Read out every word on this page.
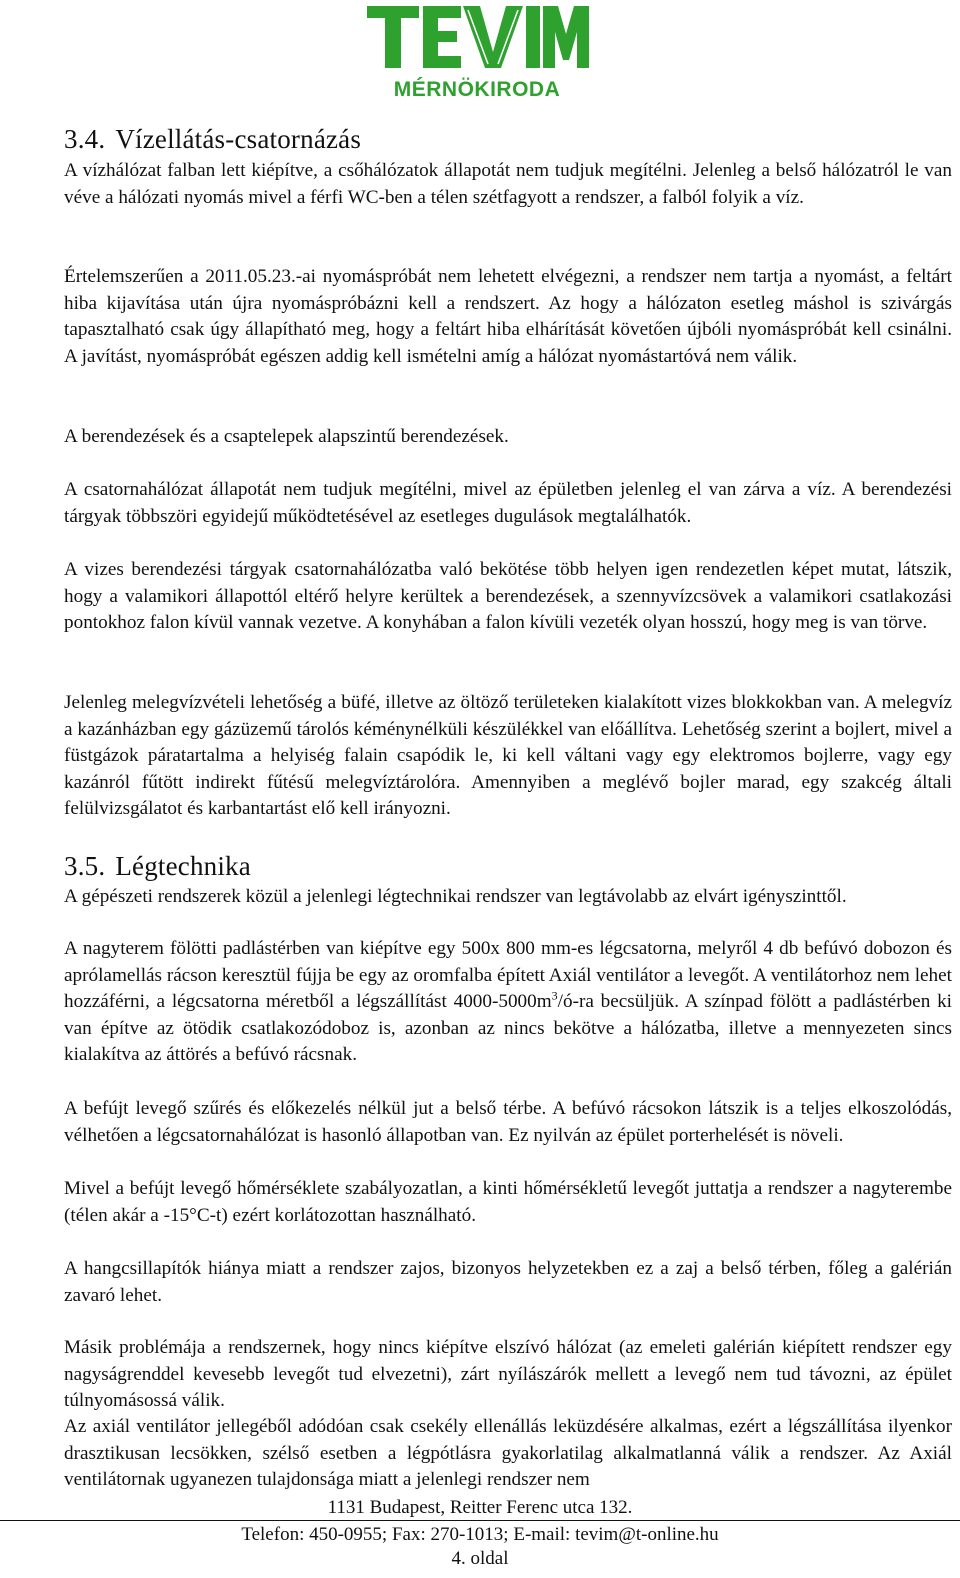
MÉRNÖKIRODA
3.4. Vízellátás-csatornázás

A vízhálózat falban lett kiépítve, a csőhálózatok állapotát nem tudjuk megítélni. Jelenleg a belső hálózatról le van véve a hálózati nyomás mivel a férfi WC-ben a télen szétfagyott a rendszer, a falból folyik a víz.

Értelemszerűen a 2011.05.23.-ai nyomáspróbát nem lehetett elvégezni, a rendszer nem tartja a nyomást, a feltárt hiba kijavítása után újra nyomáspróbázni kell a rendszert. Az hogy a hálózaton esetleg máshol is szivárgás tapasztalható csak úgy állapítható meg, hogy a feltárt hiba elhárítását követően újbóli nyomáspróbát kell csinálni. A javítást, nyomáspróbát egészen addig kell ismételni amíg a hálózat nyomástartóvá nem válik.

A berendezések és a csaptelepek alapszintű berendezések.

A csatornahálózat állapotát nem tudjuk megítélni, mivel az épületben jelenleg el van zárva a víz. A berendezési tárgyak többszöri egyidejű működtetésével az esetleges dugulások megtalálhatók.

A vizes berendezési tárgyak csatornahálózatba való bekötése több helyen igen rendezetlen képet mutat, látszik, hogy a valamikori állapottól eltérő helyre kerültek a berendezések, a szennyvízcsövek a valamikori csatlakozási pontokhoz falon kívül vannak vezetve. A konyhában a falon kívüli vezeték olyan hosszú, hogy meg is van törve.

Jelenleg melegvízvételi lehetőség a büfé, illetve az öltöző területeken kialakított vizes blokkokban van. A melegvíz a kazánházban egy gázüzemű tárolós kéménynélküli készülékkel van előállítva. Lehetőség szerint a bojlert, mivel a füstgázok páratartalma a helyiség falain csapódik le, ki kell váltani vagy egy elektromos bojlerre, vagy egy kazánról fűtött indirekt fűtésű melegvíztárolóra. Amennyiben a meglévő bojler marad, egy szakcég általi felülvizsgálatot és karbantartást elő kell irányozni.

3.5. Légtechnika

A gépészeti rendszerek közül a jelenlegi légtechnikai rendszer van legtávolabb az elvárt igényszinttől.

A nagyterem fölötti padlástérben van kiépítve egy 500x 800 mm-es légcsatorna, melyről 4 db befúvó dobozon és aprólamellás rácson keresztül fújja be egy az oromfalba épített Axiál ventilátor a levegőt. A ventilátorhoz nem lehet hozzáférni, a légcsatorna méretből a légszállítást $4000-5000m^3/ó-ra$ becsüljük. A színpad fölött a padlástérben ki van építve az ötödik csatlakozódoboz is, azonban az nincs bekötve a hálózatba, illetve a mennyezeten sincs kialakítva az áttörés a befúvó rácsnak.

A befújt levegő szűrés és előkezelés nélkül jut a belső térbe. A befúvó rácsokon látszik is a teljes elkoszolódás, vélhetően a légcsatornahálózat is hasonló állapotban van. Ez nyilván az épület porterhelését is növeli.

Mivel a befújt levegő hőmérséklete szabályozatlan, a kinti hőmérsékletű levegőt juttatja a rendszer a nagyterembe (télen akár a -15°C-t) ezért korlátozottan használható.

A hangcsillapítók hiánya miatt a rendszer zajos, bizonyos helyzetekben ez a zaj a belső térben, főleg a galérián zavaró lehet.

Másik problémája a rendszernek, hogy nincs kiépítve elszívó hálózat (az emeleti galérián kiépített rendszer egy nagyságrenddel kevesebb levegőt tud elvezetni), zárt nyílászárók mellett a levegő nem tud távozni, az épület túlnyomásossá válik.

Az axiál ventilátor jellegéből adódóan csak csekély ellenállás leküzdésére alkalmas, ezért a légszállítása ilyenkor drasztikusan lecsökken, szélső esetben a légpótlásra gyakorlatilag alkalmatlanná válik a rendszer. Az Axiál ventilátornak ugyanezen tulajdonsága miatt a jelenlegi rendszer nem

1131 Budapest, Reitter Ferenc utca 132.
Telefon: 450-0955; Fax: 270-1013; E-mail: tevim@t-online.hu
4. oldal
